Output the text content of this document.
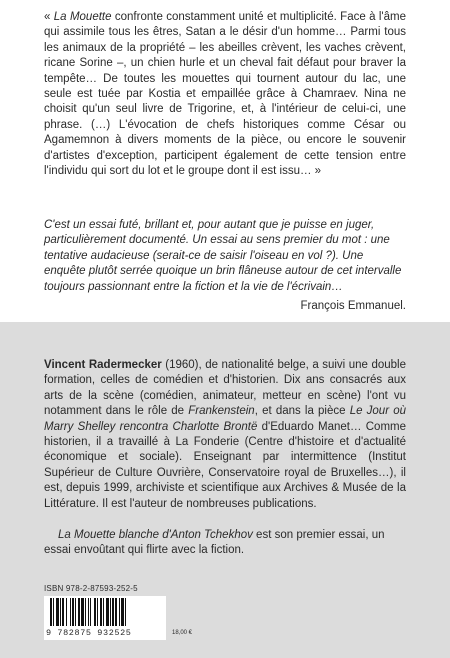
« La Mouette confronte constamment unité et multiplicité. Face à l'âme qui assimile tous les êtres, Satan a le désir d'un homme… Parmi tous les animaux de la propriété – les abeilles crèvent, les vaches crèvent, ricane Sorine –, un chien hurle et un cheval fait défaut pour braver la tempête… De toutes les mouettes qui tournent autour du lac, une seule est tuée par Kostia et empaillée grâce à Chamraev. Nina ne choisit qu'un seul livre de Trigorine, et, à l'intérieur de celui-ci, une phrase. (…) L'évocation de chefs historiques comme César ou Agamemnon à divers moments de la pièce, ou encore le souvenir d'artistes d'exception, participent également de cette tension entre l'individu qui sort du lot et le groupe dont il est issu… »

C'est un essai futé, brillant et, pour autant que je puisse en juger, particulièrement documenté. Un essai au sens premier du mot : une tentative audacieuse (serait-ce de saisir l'oiseau en vol ?). Une enquête plutôt serrée quoique un brin flâneuse autour de cet intervalle toujours passionnant entre la fiction et la vie de l'écrivain…

François Emmanuel.

Vincent Radermecker (1960), de nationalité belge, a suivi une double formation, celles de comédien et d'historien. Dix ans consacrés aux arts de la scène (comédien, animateur, metteur en scène) l'ont vu notamment dans le rôle de Frankenstein, et dans la pièce Le Jour où Marry Shelley rencontra Charlotte Brontë d'Eduardo Manet… Comme historien, il a travaillé à La Fonderie (Centre d'histoire et d'actualité économique et sociale). Enseignant par intermittence (Institut Supérieur de Culture Ouvrière, Conservatoire royal de Bruxelles…), il est, depuis 1999, archiviste et scientifique aux Archives & Musée de la Littérature. Il est l'auteur de nombreuses publications.

La Mouette blanche d'Anton Tchekhov est son premier essai, un essai envoûtant qui flirte avec la fiction.

ISBN 978-2-87593-252-5
9 782875 932525	18,00 €
